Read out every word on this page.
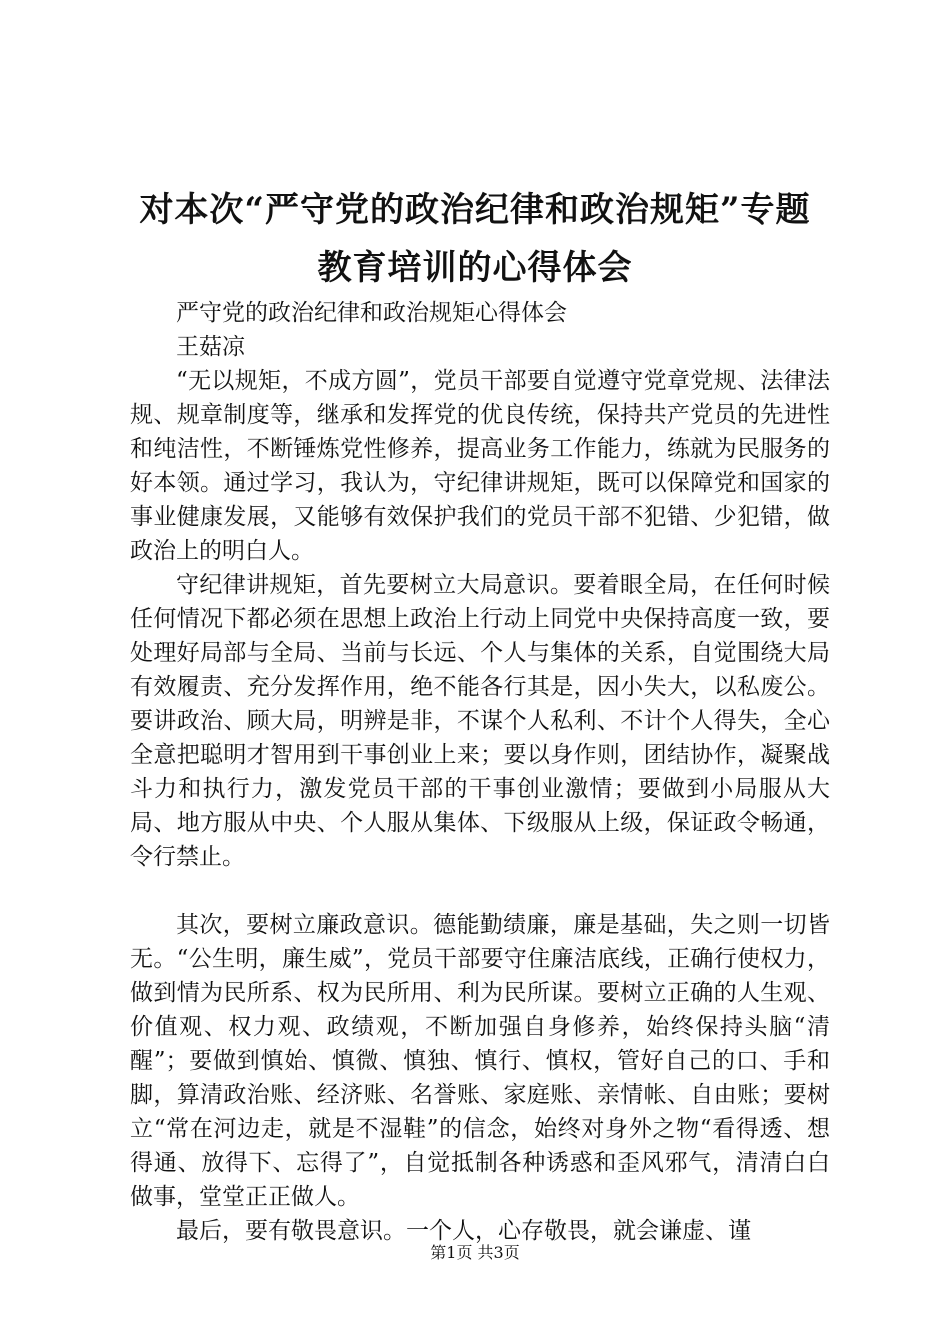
对本次“严守党的政治纪律和政治规矩”专题
教育培训的心得体会

严守党的政治纪律和政治规矩心得体会

王菇凉

“无以规矩，不成方圆”，党员干部要自觉遵守党章党规、法律法规、规章制度等，继承和发挥党的优良传统，保持共产党员的先进性和纯洁性，不断锤炼党性修养，提高业务工作能力，练就为民服务的好本领。通过学习，我认为，守纪律讲规矩，既可以保障党和国家的事业健康发展，又能够有效保护我们的党员干部不犯错、少犯错，做政治上的明白人。

守纪律讲规矩，首先要树立大局意识。要着眼全局，在任何时候任何情况下都必须在思想上政治上行动上同党中央保持高度一致，要处理好局部与全局、当前与长远、个人与集体的关系，自觉围绕大局有效履责、充分发挥作用，绝不能各行其是，因小失大，以私废公。要讲政治、顾大局，明辨是非，不谋个人私利、不计个人得失，全心全意把聪明才智用到干事创业上来；要以身作则，团结协作，凝聚战斗力和执行力，激发党员干部的干事创业激情；要做到小局服从大局、地方服从中央、个人服从集体、下级服从上级，保证政令畅通，令行禁止。

其次，要树立廉政意识。德能勤绩廉，廉是基础，失之则一切皆无。“公生明，廉生威”，党员干部要守住廉洁底线，正确行使权力，做到情为民所系、权为民所用、利为民所谋。要树立正确的人生观、价值观、权力观、政绩观，不断加强自身修养，始终保持头脑“清醒”；要做到慎始、慎微、慎独、慎行、慎权，管好自己的口、手和脚，算清政治账、经济账、名誉账、家庭账、亲情帐、自由账；要树立“常在河边走，就是不湿鞋”的信念，始终对身外之物“看得透、想得通、放得下、忘得了”，自觉抵制各种诱惑和歪风邪气，清清白白做事，堂堂正正做人。

最后，要有敬畏意识。一个人，心存敬畏，就会谦虚、谨

第1页 共3页
